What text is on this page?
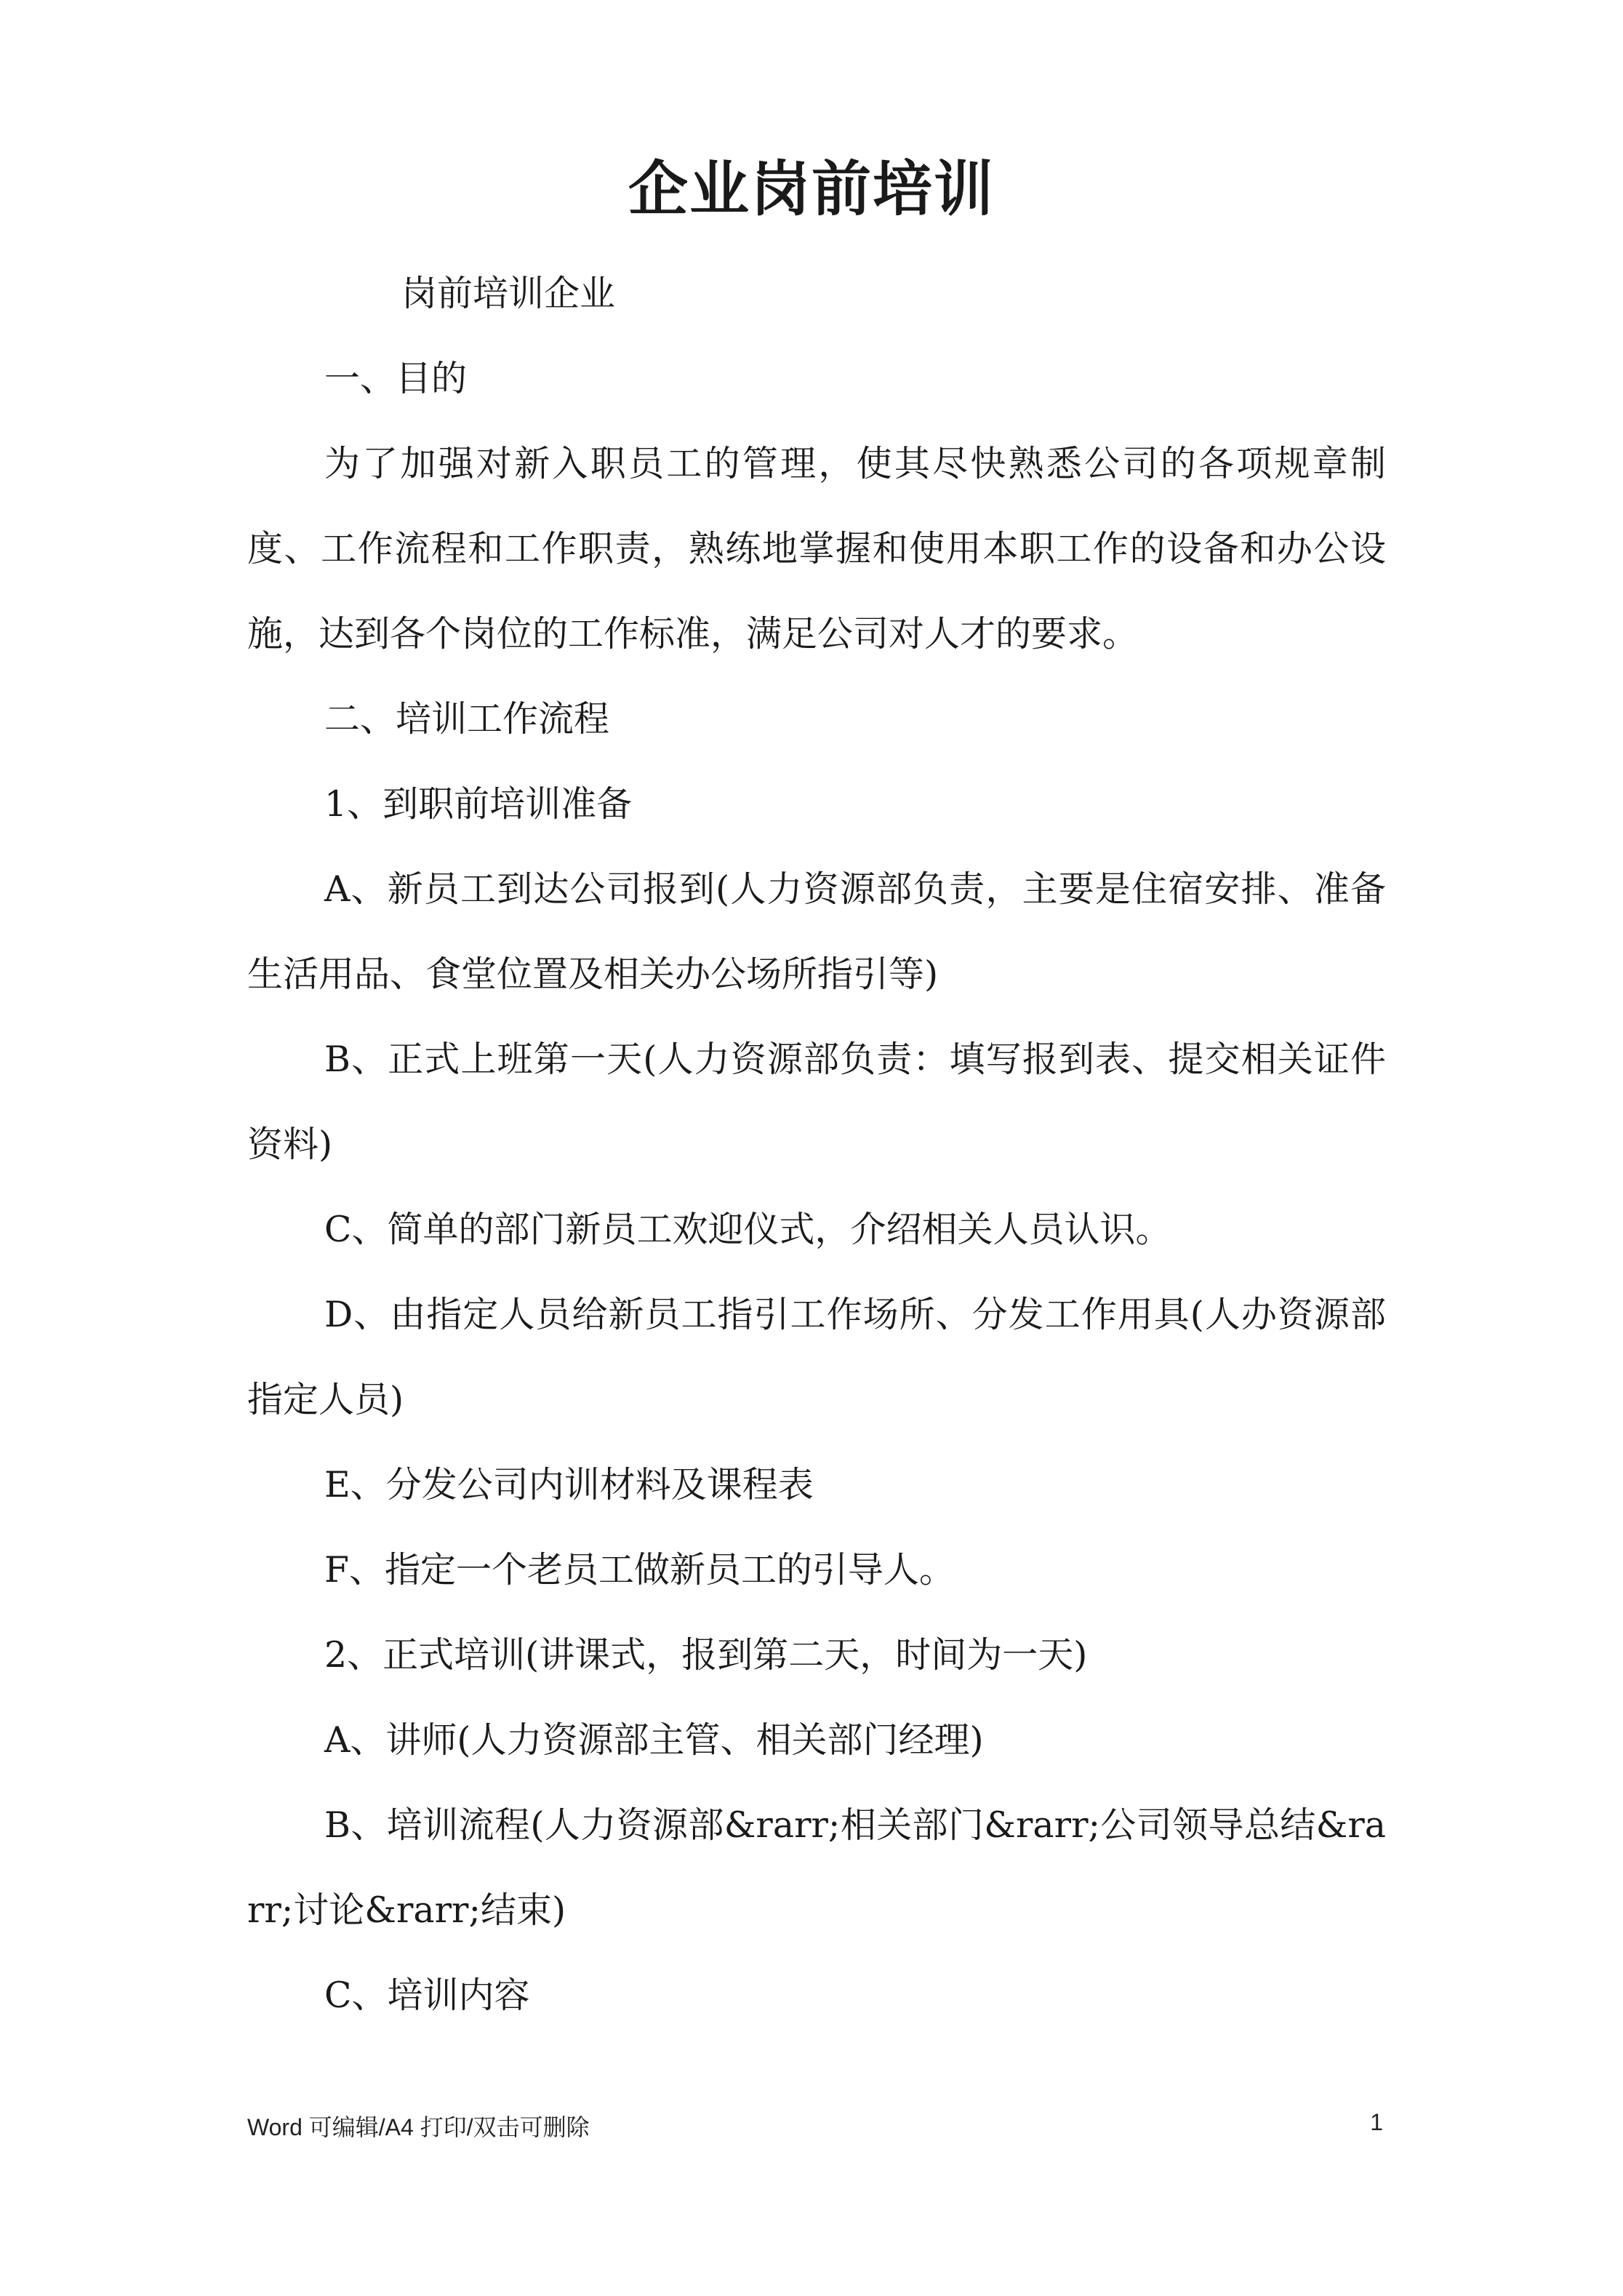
企业岗前培训

岗前培训企业

一、目的

为了加强对新入职员工的管理，使其尽快熟悉公司的各项规章制度、工作流程和工作职责，熟练地掌握和使用本职工作的设备和办公设施，达到各个岗位的工作标准，满足公司对人才的要求。

二、培训工作流程

1、到职前培训准备

A、新员工到达公司报到(人力资源部负责，主要是住宿安排、准备生活用品、食堂位置及相关办公场所指引等)

B、正式上班第一天(人力资源部负责：填写报到表、提交相关证件资料)

C、简单的部门新员工欢迎仪式，介绍相关人员认识。

D、由指定人员给新员工指引工作场所、分发工作用具(人办资源部指定人员)

E、分发公司内训材料及课程表

F、指定一个老员工做新员工的引导人。

2、正式培训(讲课式，报到第二天，时间为一天)

A、讲师(人力资源部主管、相关部门经理)

B、培训流程(人力资源部&rarr;相关部门&rarr;公司领导总结&rarr;讨论&rarr;结束)

C、培训内容

Word 可编辑/A4 打印/双击可删除	1
